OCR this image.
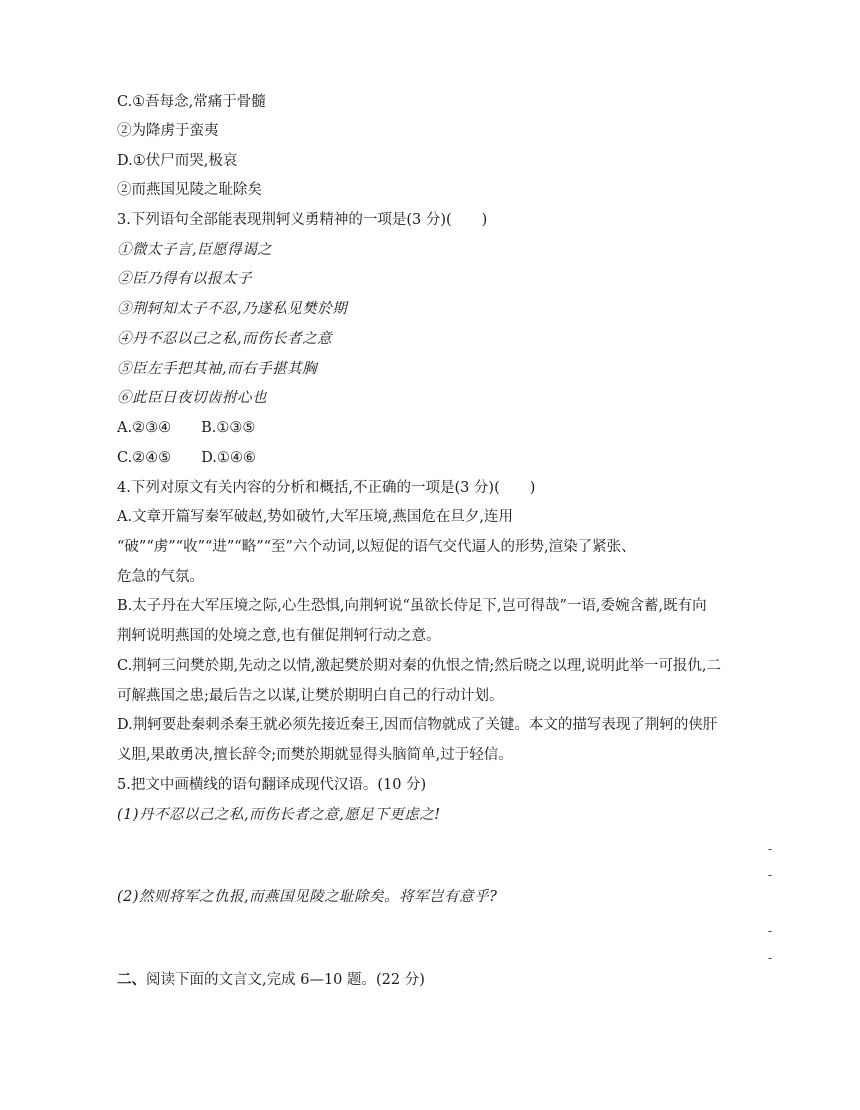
C.①吾每念,常痛于骨髓
②为降虏于蛮夷
D.①伏尸而哭,极哀
②而燕国见陵之耻除矣
3.下列语句全部能表现荆轲义勇精神的一项是(3 分)( )
①微太子言,臣愿得谒之
②臣乃得有以报太子
③荆轲知太子不忍,乃遂私见樊於期
④丹不忍以己之私,而伤长者之意
⑤臣左手把其袖,而右手揕其胸
⑥此臣日夜切齿拊心也
A.②③④ B.①③⑤
C.②④⑤ D.①④⑥
4.下列对原文有关内容的分析和概括,不正确的一项是(3 分)( )
A.文章开篇写秦军破赵,势如破竹,大军压境,燕国危在旦夕,连用
“破”“虏”“收”“进”“略”“至”六个动词,以短促的语气交代逼人的形势,渲染了紧张、
危急的气氛。
B.太子丹在大军压境之际,心生恐惧,向荆轲说“虽欲长侍足下,岂可得哉”一语,委婉含蓄,既有向
荆轲说明燕国的处境之意,也有催促荆轲行动之意。
C.荆轲三问樊於期,先动之以情,激起樊於期对秦的仇恨之情;然后晓之以理,说明此举一可报仇,二
可解燕国之患;最后告之以谋,让樊於期明白自己的行动计划。
D.荆轲要赴秦刺杀秦王就必须先接近秦王,因而信物就成了关键。本文的描写表现了荆轲的侠肝
义胆,果敢勇决,擅长辞令;而樊於期就显得头脑简单,过于轻信。
5.把文中画横线的语句翻译成现代汉语。(10 分)
(1)丹不忍以己之私,而伤长者之意,愿足下更虑之!
-
-
(2)然则将军之仇报,而燕国见陵之耻除矣。将军岂有意乎?
-
-
二、阅读下面的文言文,完成 6—10 题。(22 分)
